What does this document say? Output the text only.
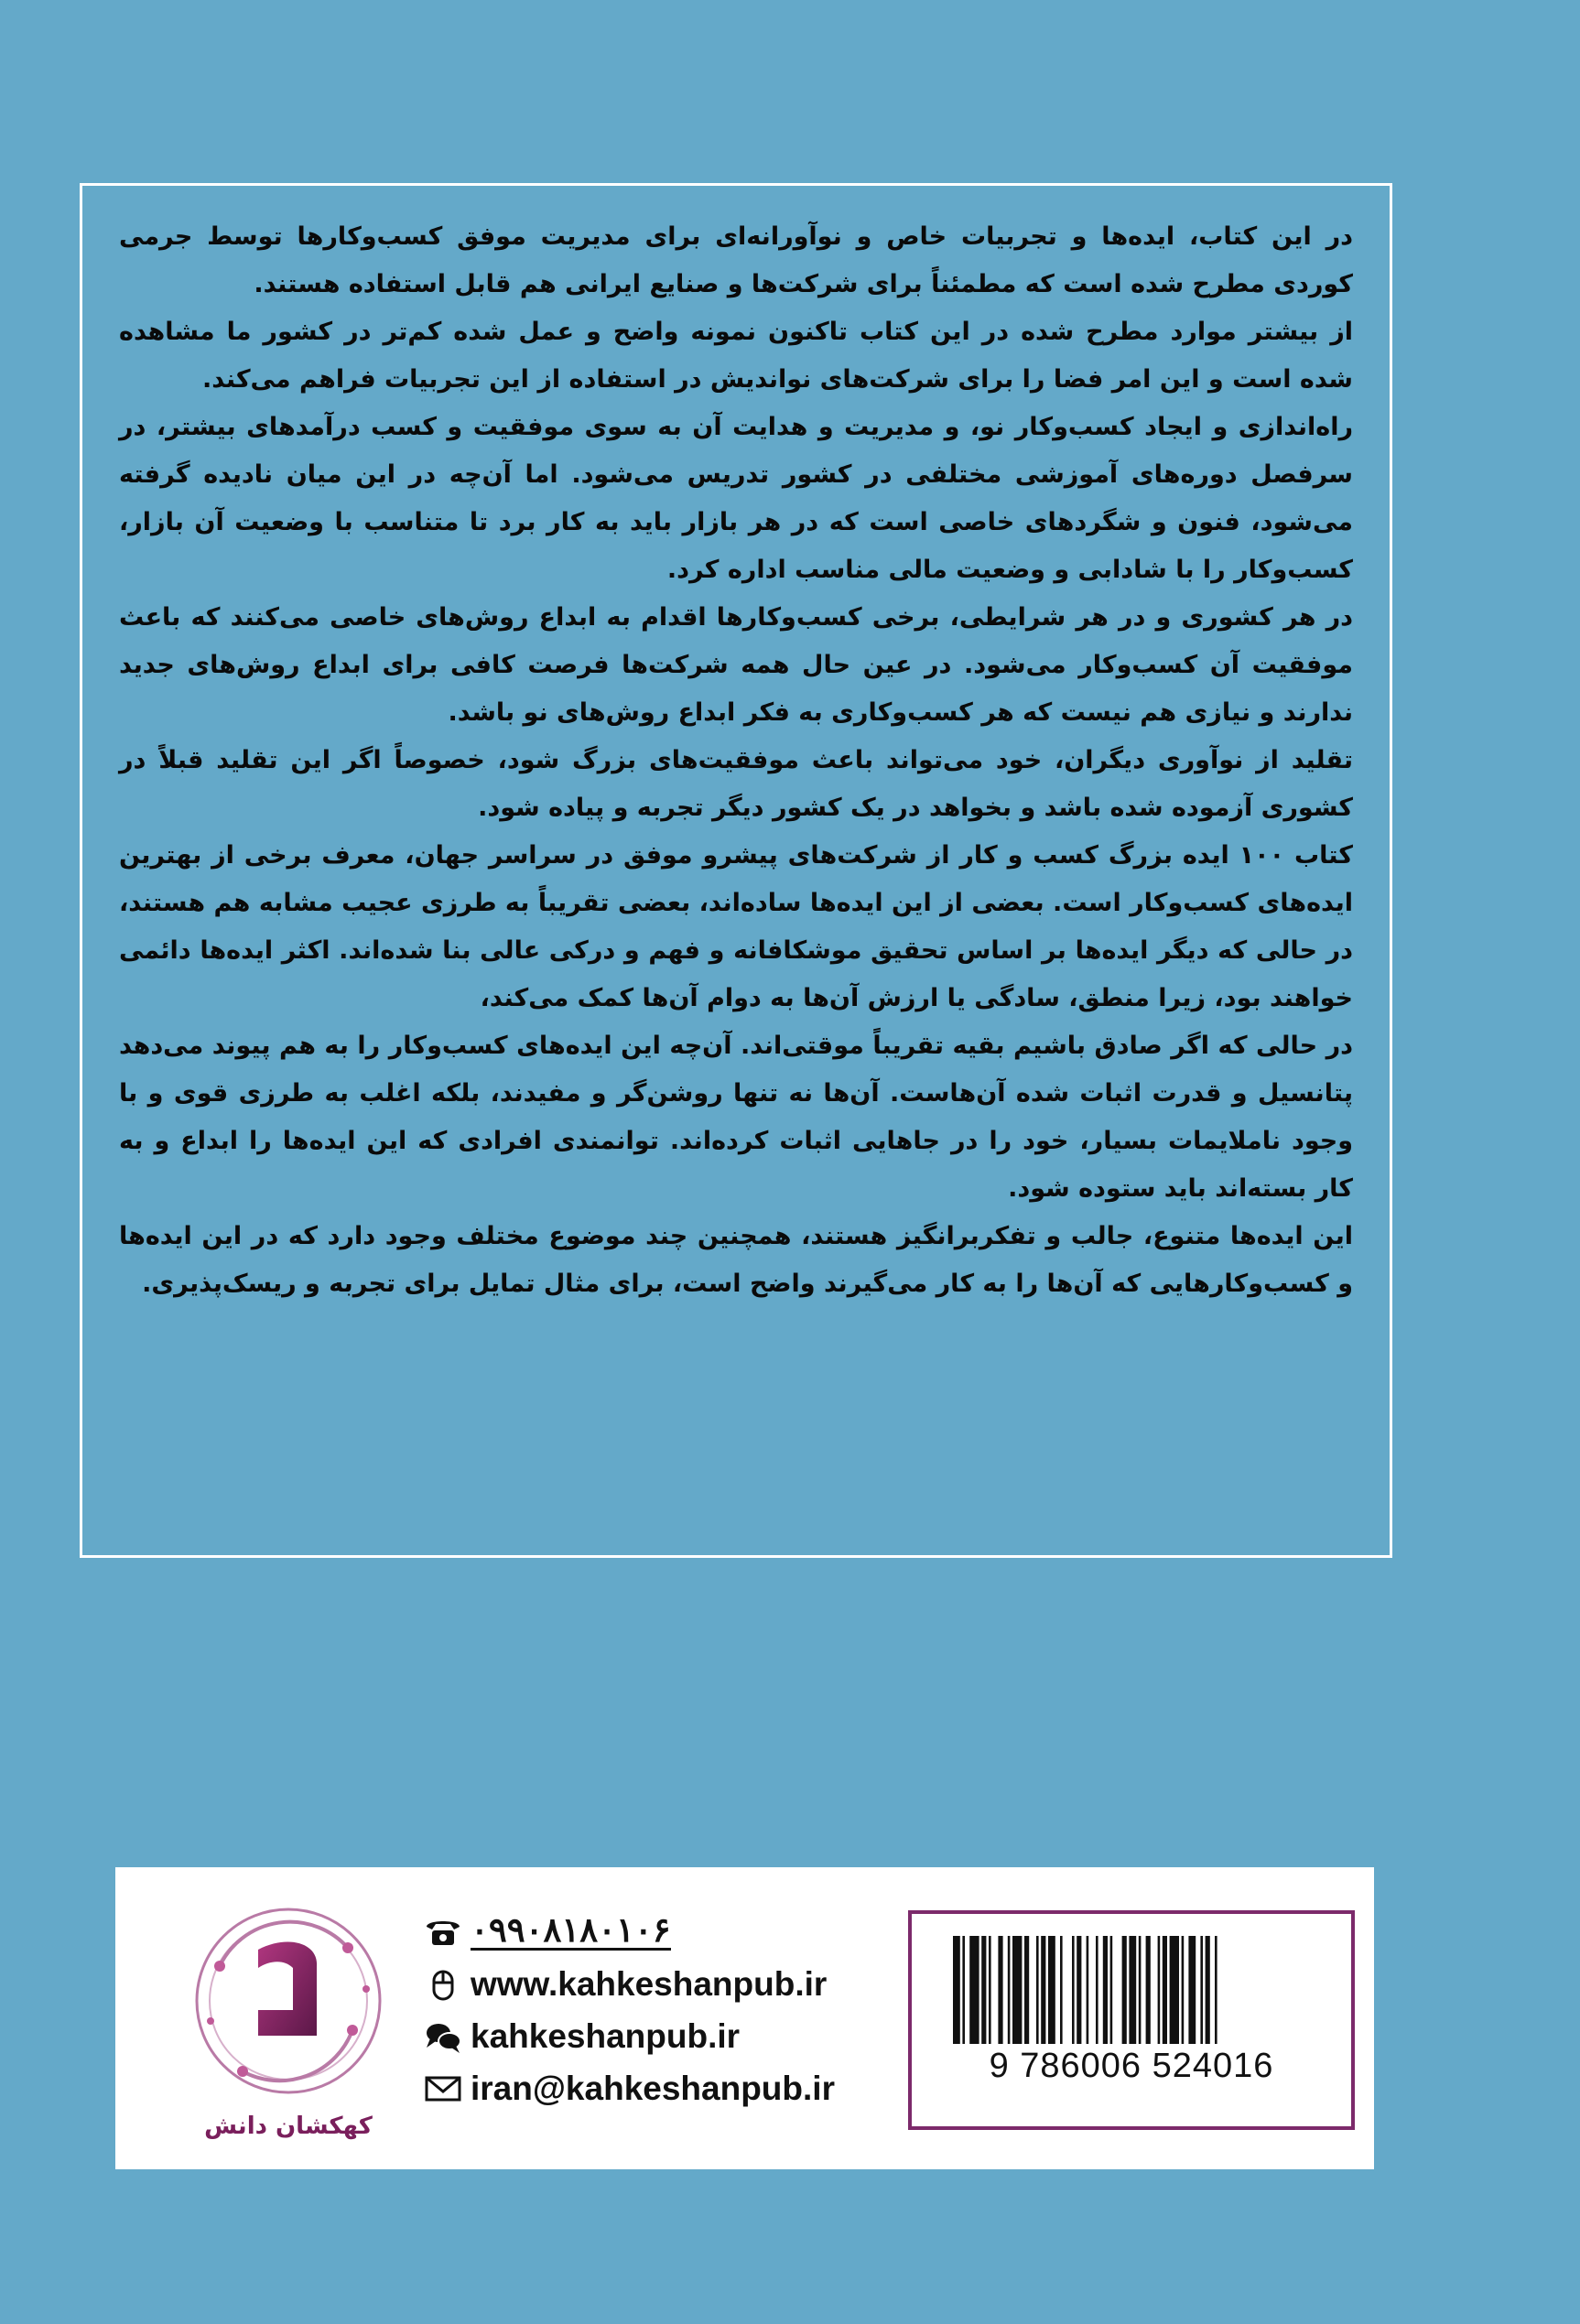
در این کتاب، ایده‌ها و تجربیات خاص و نوآورانه‌ای برای مدیریت موفق کسب‌وکارها توسط جرمی کوردی مطرح شده است که مطمئناً برای شرکت‌ها و صنایع ایرانی هم قابل استفاده هستند.

از بیشتر موارد مطرح شده در این کتاب تاکنون نمونه واضح و عمل شده کم‌تر در کشور ما مشاهده شده است و این امر فضا را برای شرکت‌های نواندیش در استفاده از این تجربیات فراهم می‌کند.

راه‌اندازی و ایجاد کسب‌وکار نو، و مدیریت و هدایت آن به سوی موفقیت و کسب درآمدهای بیشتر، در سرفصل دوره‌های آموزشی مختلفی در کشور تدریس می‌شود. اما آن‌چه در این میان نادیده گرفته می‌شود، فنون و شگردهای خاصی است که در هر بازار باید به کار برد تا متناسب با وضعیت آن بازار، کسب‌وکار را با شادابی و وضعیت مالی مناسب اداره کرد.

در هر کشوری و در هر شرایطی، برخی کسب‌وکارها اقدام به ابداع روش‌های خاصی می‌کنند که باعث موفقیت آن کسب‌وکار می‌شود. در عین حال همه شرکت‌ها فرصت کافی برای ابداع روش‌های جدید ندارند و نیازی هم نیست که هر کسب‌وکاری به فکر ابداع روش‌های نو باشد.

تقلید از نوآوری دیگران، خود می‌تواند باعث موفقیت‌های بزرگ شود، خصوصاً اگر این تقلید قبلاً در کشوری آزموده شده باشد و بخواهد در یک کشور دیگر تجربه و پیاده شود.

کتاب ۱۰۰ ایده بزرگ کسب و کار از شرکت‌های پیشرو موفق در سراسر جهان، معرف برخی از بهترین ایده‌های کسب‌وکار است. بعضی از این ایده‌ها ساده‌اند، بعضی تقریباً به طرزی عجیب مشابه هم هستند، در حالی که دیگر ایده‌ها بر اساس تحقیق موشکافانه و فهم و درکی عالی بنا شده‌اند. اکثر ایده‌ها دائمی خواهند بود، زیرا منطق، سادگی یا ارزش آن‌ها به دوام آن‌ها کمک می‌کند،

در حالی که اگر صادق باشیم بقیه تقریباً موقتی‌اند. آن‌چه این ایده‌های کسب‌وکار را به هم پیوند می‌دهد پتانسیل و قدرت اثبات شده آن‌هاست. آن‌ها نه تنها روشن‌گر و مفیدند، بلکه اغلب به طرزی قوی و با وجود ناملایمات بسیار، خود را در جاهایی اثبات کرده‌اند. توانمندی افرادی که این ایده‌ها را ابداع و به کار بسته‌اند باید ستوده شود.

این ایده‌ها متنوع، جالب و تفکربرانگیز هستند، همچنین چند موضوع مختلف وجود دارد که در این ایده‌ها و کسب‌وکارهایی که آن‌ها را به کار می‌گیرند واضح است، برای مثال تمایل برای تجربه و ریسک‌پذیری.

کهکشان دانش
۰۹۹۰۸۱۸۰۱۰۶
www.kahkeshanpub.ir
kahkeshanpub.ir
iran@kahkeshanpub.ir
9 786006 524016
